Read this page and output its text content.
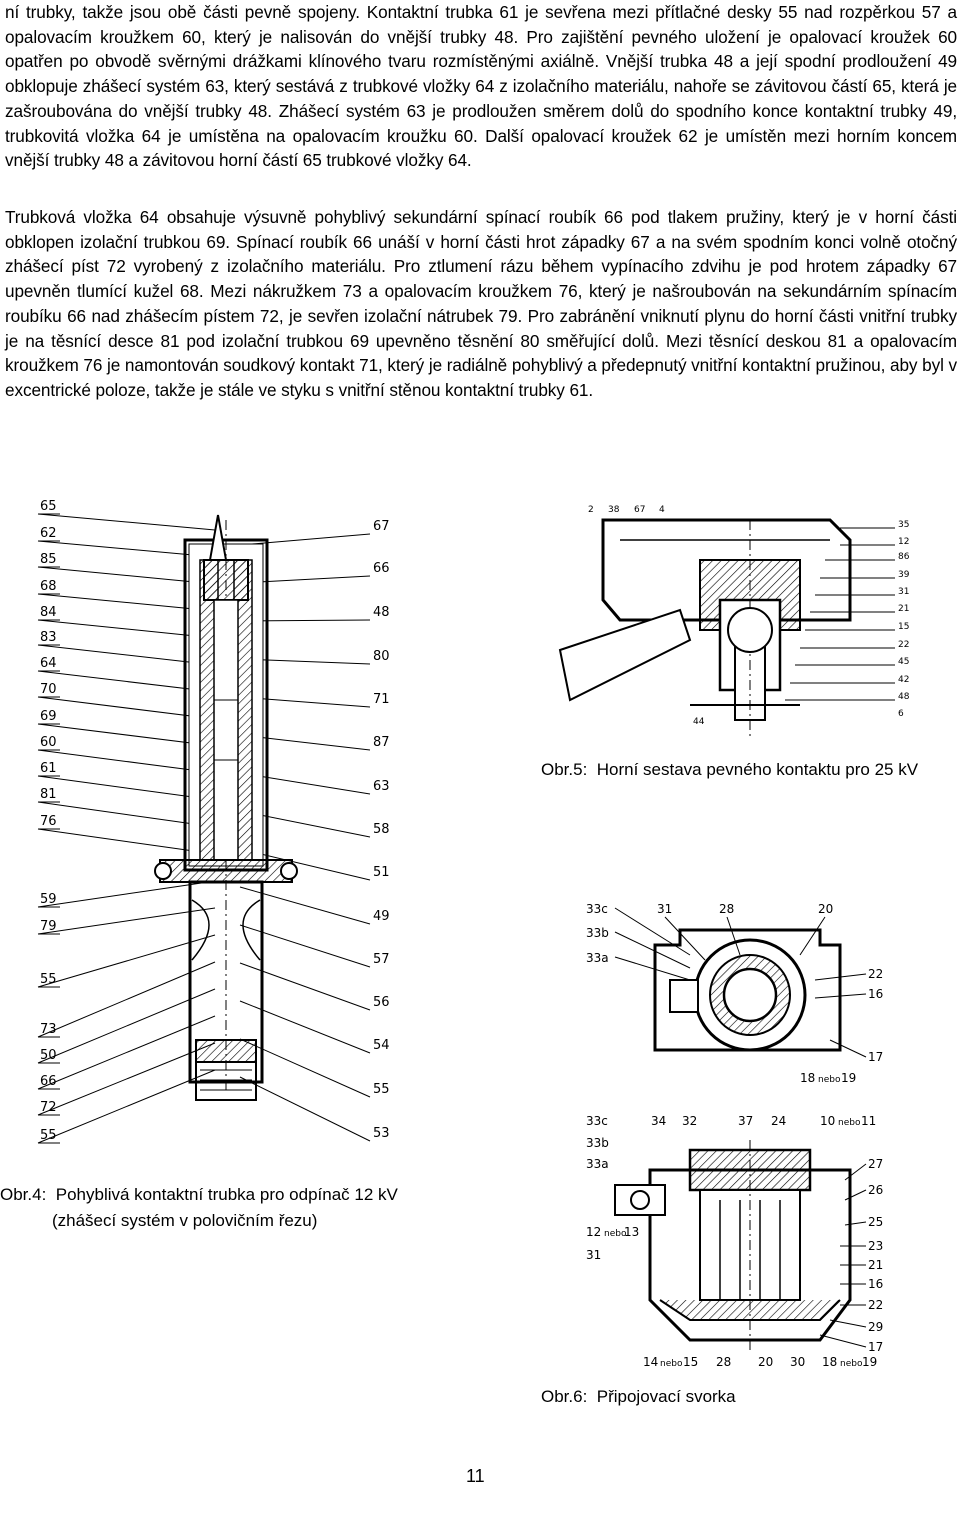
ní trubky, takže jsou obě části pevně spojeny. Kontaktní trubka 61 je sevřena mezi přítlačné desky 55 nad rozpěrkou 57 a opalovacím kroužkem 60, který je nalisován do vnější trubky 48. Pro zajištění pevného uložení je opalovací kroužek 60 opatřen po obvodě svěrnými drážkami klínového tvaru rozmístěnými axiálně. Vnější trubka 48 a její spodní prodloužení 49 obklopuje zhášecí systém 63, který sestává z trubkové vložky 64 z izolačního materiálu, nahoře se závitovou částí 65, která je zašroubována do vnější trubky 48. Zhášecí systém 63 je prodloužen směrem dolů do spodního konce kontaktní trubky 49, trubkovitá vložka 64 je umístěna na opalovacím kroužku 60. Další opalovací kroužek 62 je umístěn mezi horním koncem vnější trubky 48 a závitovou horní částí 65 trubkové vložky 64.

Trubková vložka 64 obsahuje výsuvně pohyblivý sekundární spínací roubík 66 pod tlakem pružiny, který je v horní části obklopen izolační trubkou 69. Spínací roubík 66 unáší v horní části hrot západky 67 a na svém spodním konci volně otočný zhášecí píst 72 vyrobený z izolačního materiálu. Pro ztlumení rázu během vypínacího zdvihu je pod hrotem západky 67 upevněn tlumící kužel 68. Mezi nákružkem 73 a opalovacím kroužkem 76, který je našroubován na sekundárním spínacím roubíku 66 nad zhášecím pístem 72, je sevřen izolační nátrubek 79. Pro zabránění vniknutí plynu do horní části vnitřní trubky je na těsnící desce 81 pod izolační trubkou 69 upevněno těsnění 80 směřující dolů. Mezi těsnící deskou 81 a opalovacím kroužkem 76 je namontován soudkový kontakt 71, který je radiálně pohyblivý a předepnutý vnitřní kontaktní pružinou, aby byl v excentrické poloze, takže je stále ve styku s vnitřní stěnou kontaktní trubky 61.

65
62
85
68
84
83
64
70
69
60
61
81
76
59
79
55
73
50
66
72
55
67
66
48
80
71
87
63
58
51
49
57
56
54
55
53
Obr.4:  Pohyblivá kontaktní trubka pro odpínač 12 kV
(zhášecí systém v polovičním řezu)
2 38 67 4
35
12
86
39
31
21
15
22
45
42
48
6
44
Obr.5:  Horní sestava pevného kontaktu pro 25 kV
33c
33b
33a
31	28	20
22
16
17
18 nebo 19
33c
33b
33a
34 32	37 24	10 nebo 11
12 nebo
13
31
27
26
25
23
21
16
22
29
17
14 nebo 15 28 20 30 18 nebo 19
Obr.6:  Připojovací svorka
11
